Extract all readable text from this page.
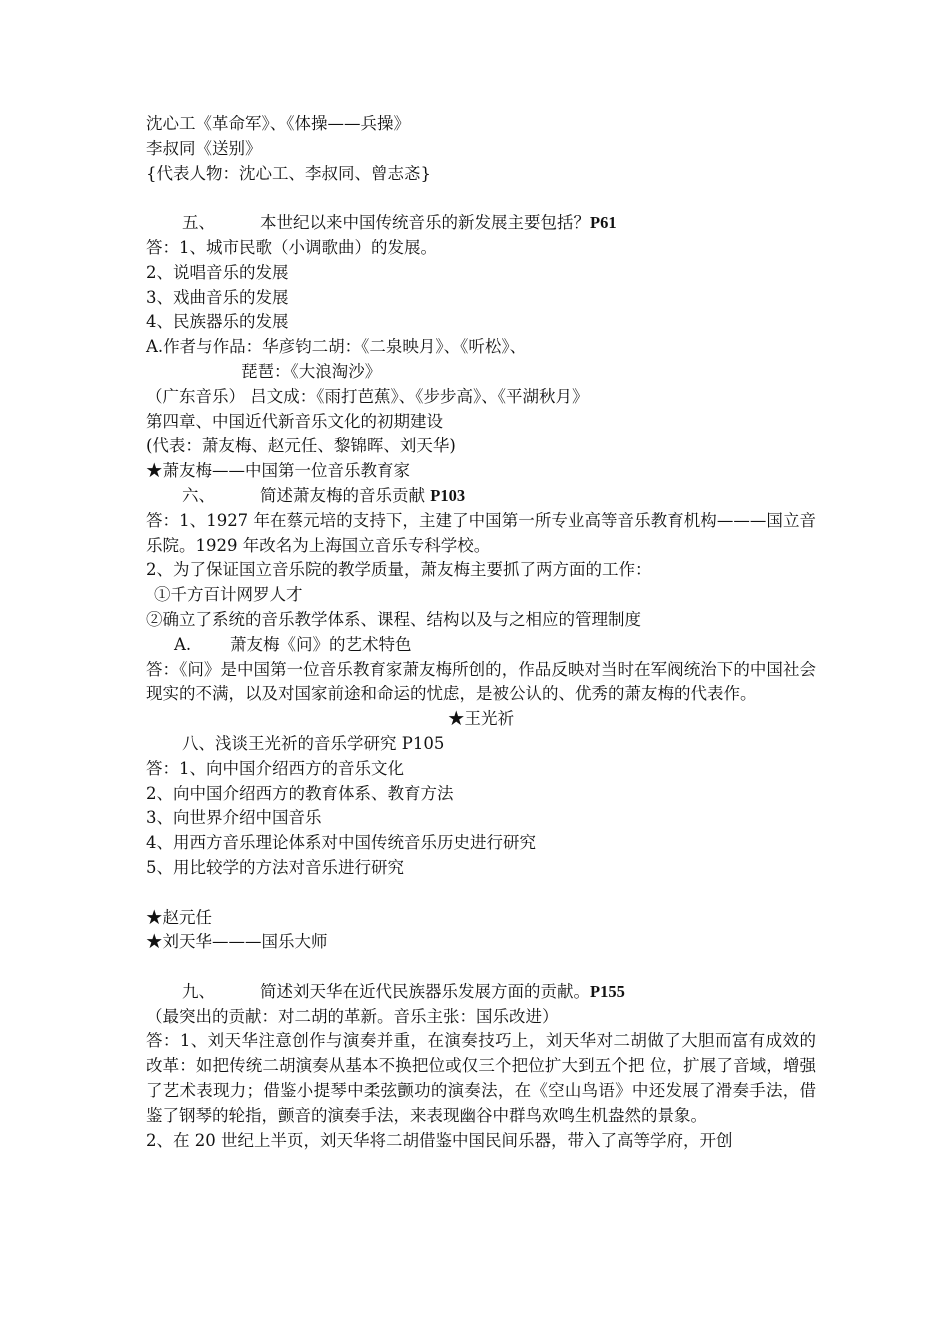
沈心工《革命军》、《体操——兵操》
李叔同《送别》
{代表人物：沈心工、李叔同、曾志忞}
五、	本世纪以来中国传统音乐的新发展主要包括？P61
答：1、城市民歌（小调歌曲）的发展。
2、说唱音乐的发展
3、戏曲音乐的发展
4、民族器乐的发展
A.作者与作品：华彦钧二胡：《二泉映月》、《听松》、
琵琶：《大浪淘沙》
（广东音乐） 吕文成：《雨打芭蕉》、《步步高》、《平湖秋月》
第四章、中国近代新音乐文化的初期建设
(代表：萧友梅、赵元任、黎锦晖、刘天华)
★萧友梅——中国第一位音乐教育家
六、	简述萧友梅的音乐贡献 P103
答：1、1927 年在蔡元培的支持下，主建了中国第一所专业高等音乐教育机构———国立音乐院。1929 年改名为上海国立音乐专科学校。
2、为了保证国立音乐院的教学质量，萧友梅主要抓了两方面的工作：
①千方百计网罗人才
②确立了系统的音乐教学体系、课程、结构以及与之相应的管理制度
A. 萧友梅《问》的艺术特色
答：《问》是中国第一位音乐教育家萧友梅所创的，作品反映对当时在军阀统治下的中国社会现实的不满，以及对国家前途和命运的忧虑，是被公认的、优秀的萧友梅的代表作。
★王光祈
八、浅谈王光祈的音乐学研究 P105
答：1、向中国介绍西方的音乐文化
2、向中国介绍西方的教育体系、教育方法
3、向世界介绍中国音乐
4、用西方音乐理论体系对中国传统音乐历史进行研究
5、用比较学的方法对音乐进行研究
★赵元任
★刘天华———国乐大师
九、	简述刘天华在近代民族器乐发展方面的贡献。P155
（最突出的贡献：对二胡的革新。音乐主张：国乐改进）
答：1、刘天华注意创作与演奏并重，在演奏技巧上，刘天华对二胡做了大胆而富有成效的改革：如把传统二胡演奏从基本不换把位或仅三个把位扩大到五个把 位，扩展了音域，增强了艺术表现力；借鉴小提琴中柔弦颤功的演奏法，在《空山鸟语》中还发展了滑奏手法，借鉴了钢琴的轮指，颤音的演奏手法，来表现幽谷中群鸟欢鸣生机盎然的景象。
2、在 20 世纪上半页，刘天华将二胡借鉴中国民间乐器，带入了高等学府，开创
